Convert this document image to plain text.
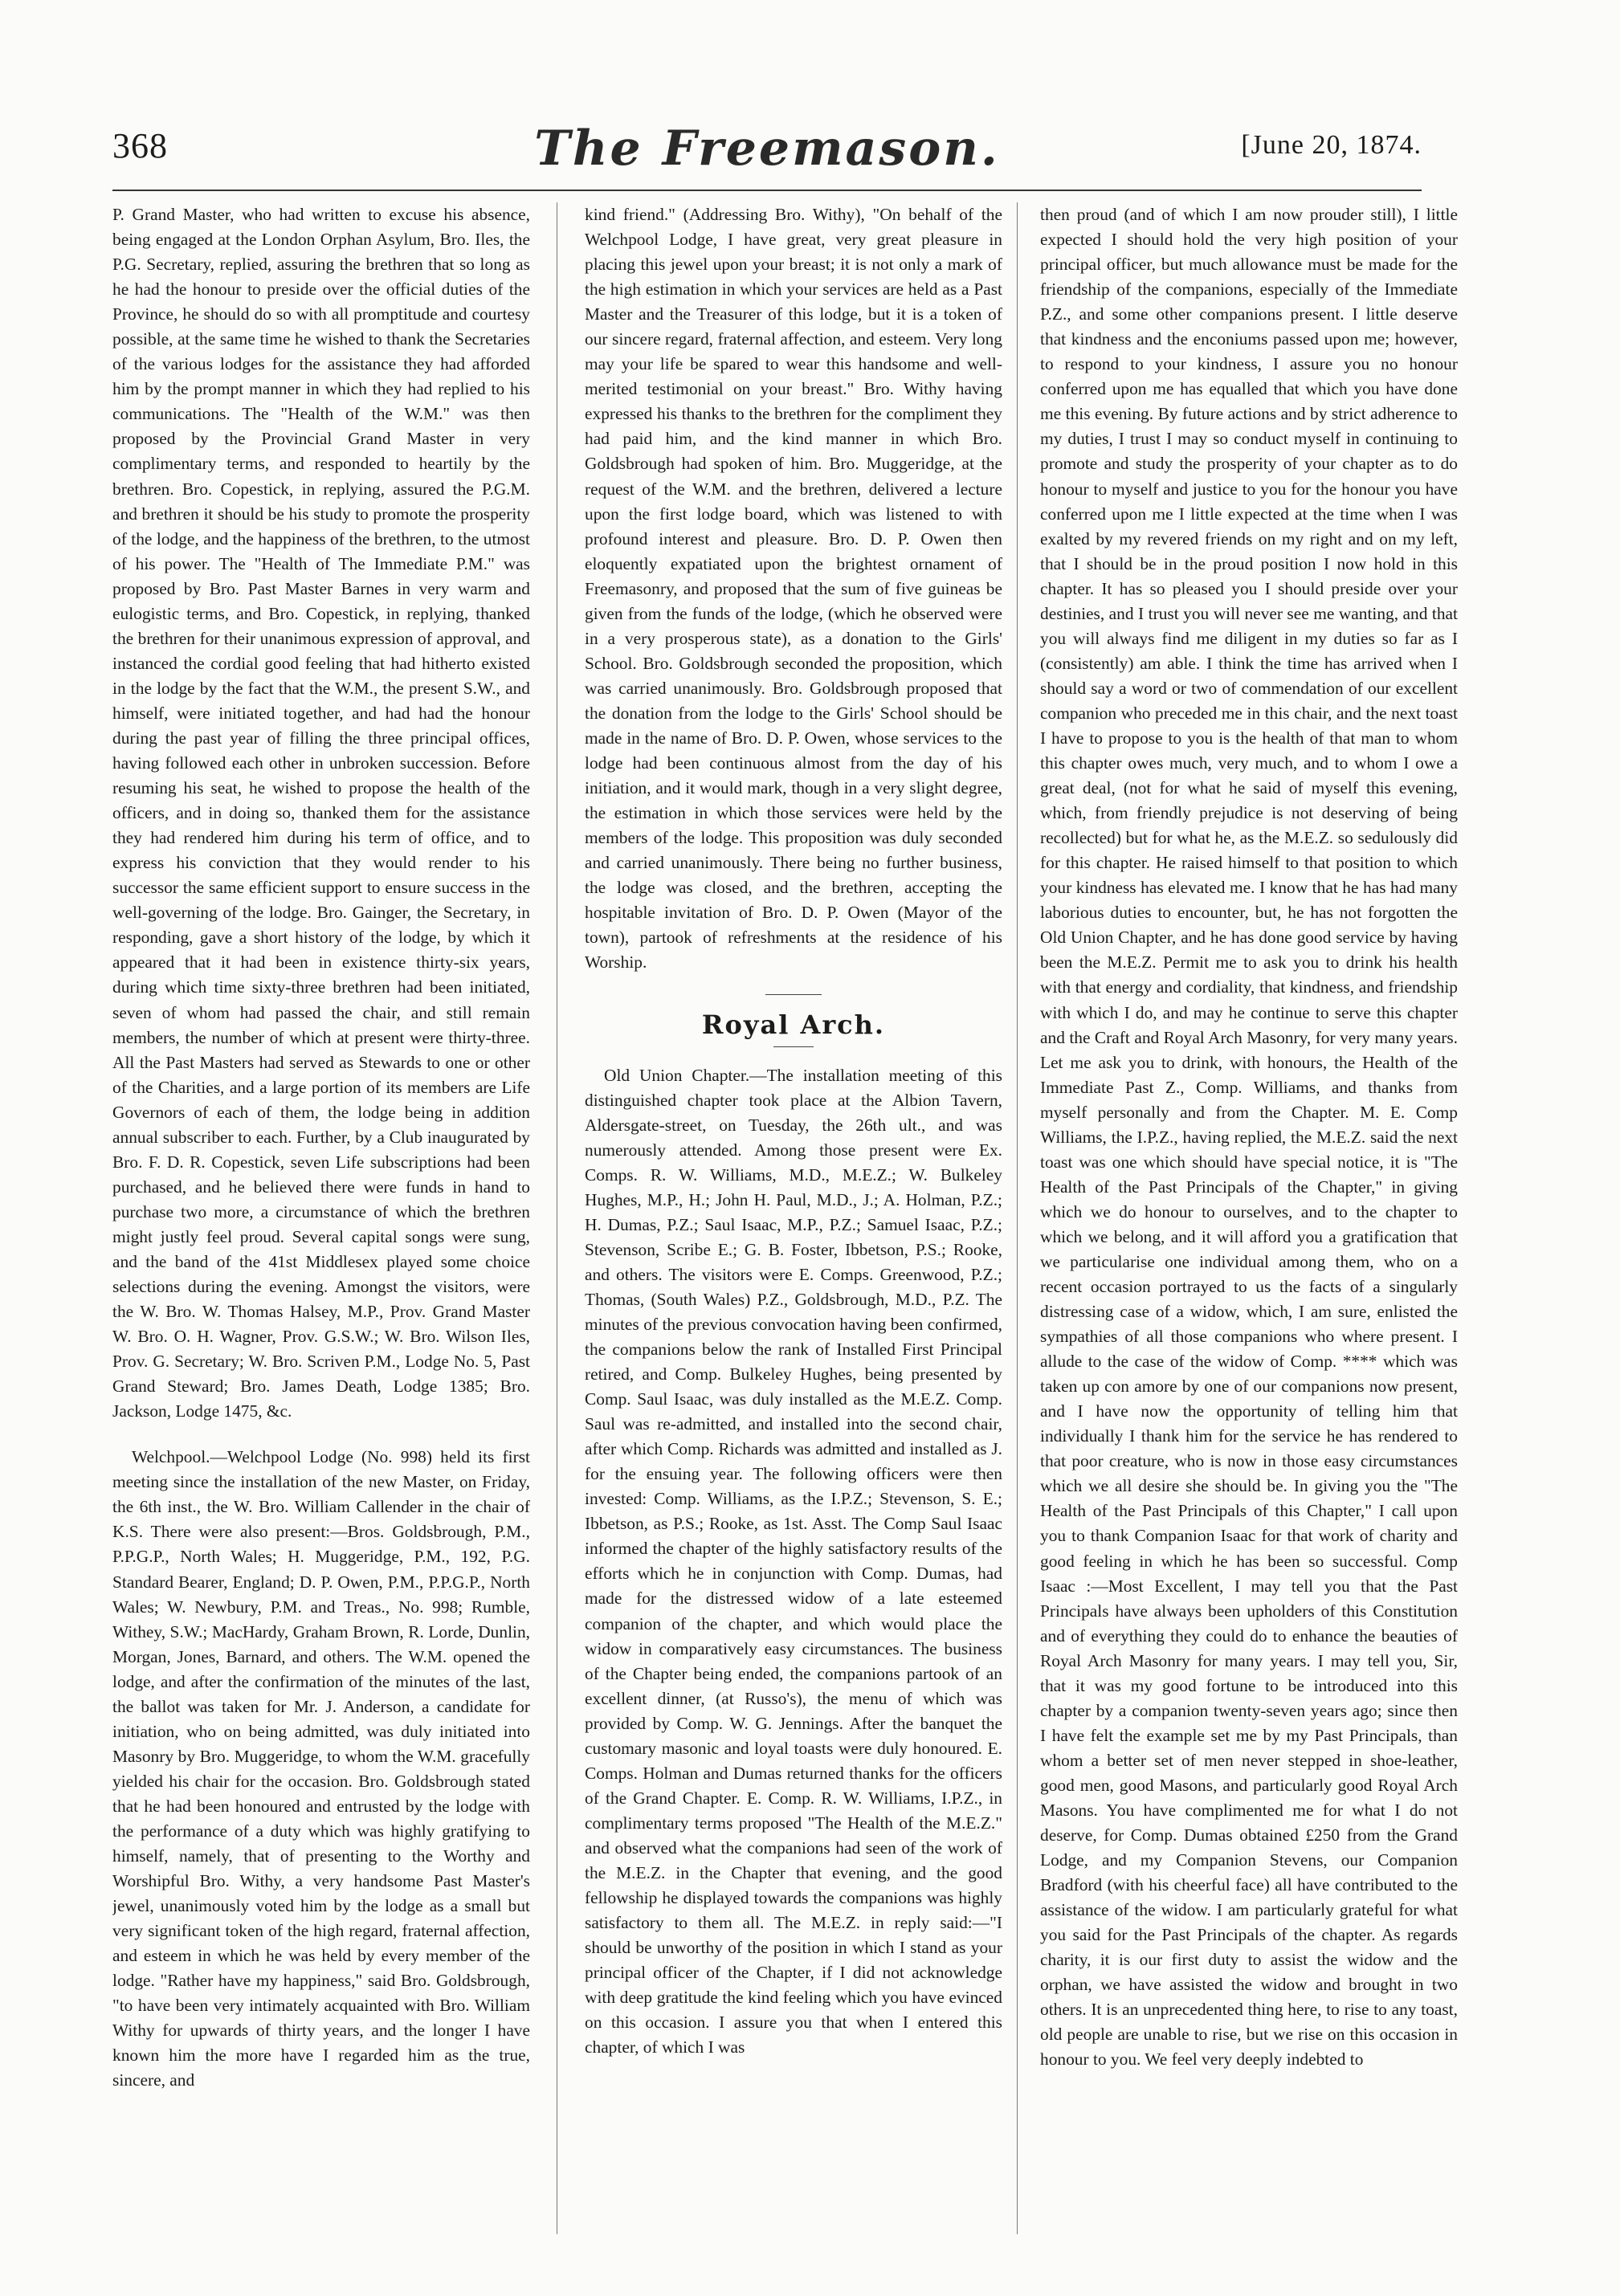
368	The Freemason.	[June 20, 1874.

P. Grand Master, who had written to excuse his absence, being engaged at the London Orphan Asylum, Bro. Iles, the P.G. Secretary, replied, assuring the brethren that so long as he had the honour to preside over the official duties of the Province, he should do so with all promptitude and courtesy possible, at the same time he wished to thank the Secretaries of the various lodges for the assistance they had afforded him by the prompt manner in which they had replied to his communications. The "Health of the W.M." was then proposed by the Provincial Grand Master in very complimentary terms, and responded to heartily by the brethren. Bro. Copestick, in replying, assured the P.G.M. and brethren it should be his study to promote the prosperity of the lodge, and the happiness of the brethren, to the utmost of his power. The "Health of The Immediate P.M." was proposed by Bro. Past Master Barnes in very warm and eulogistic terms, and Bro. Copestick, in replying, thanked the brethren for their unanimous expression of approval, and instanced the cordial good feeling that had hitherto existed in the lodge by the fact that the W.M., the present S.W., and himself, were initiated together, and had had the honour during the past year of filling the three principal offices, having followed each other in unbroken succession. Before resuming his seat, he wished to propose the health of the officers, and in doing so, thanked them for the assistance they had rendered him during his term of office, and to express his conviction that they would render to his successor the same efficient support to ensure success in the well-governing of the lodge. Bro. Gainger, the Secretary, in responding, gave a short history of the lodge, by which it appeared that it had been in existence thirty-six years, during which time sixty-three brethren had been initiated, seven of whom had passed the chair, and still remain members, the number of which at present were thirty-three. All the Past Masters had served as Stewards to one or other of the Charities, and a large portion of its members are Life Governors of each of them, the lodge being in addition annual subscriber to each. Further, by a Club inaugurated by Bro. F. D. R. Copestick, seven Life subscriptions had been purchased, and he believed there were funds in hand to purchase two more, a circumstance of which the brethren might justly feel proud. Several capital songs were sung, and the band of the 41st Middlesex played some choice selections during the evening. Amongst the visitors, were the W. Bro. W. Thomas Halsey, M.P., Prov. Grand Master W. Bro. O. H. Wagner, Prov. G.S.W.; W. Bro. Wilson Iles, Prov. G. Secretary; W. Bro. Scriven P.M., Lodge No. 5, Past Grand Steward; Bro. James Death, Lodge 1385; Bro. Jackson, Lodge 1475, &c.

Welchpool.—Welchpool Lodge (No. 998) held its first meeting since the installation of the new Master, on Friday, the 6th inst., the W. Bro. William Callender in the chair of K.S. There were also present:—Bros. Goldsbrough, P.M., P.P.G.P., North Wales; H. Muggeridge, P.M., 192, P.G. Standard Bearer, England; D. P. Owen, P.M., P.P.G.P., North Wales; W. Newbury, P.M. and Treas., No. 998; Rumble, Withey, S.W.; MacHardy, Graham Brown, R. Lorde, Dunlin, Morgan, Jones, Barnard, and others. The W.M. opened the lodge, and after the confirmation of the minutes of the last, the ballot was taken for Mr. J. Anderson, a candidate for initiation, who on being admitted, was duly initiated into Masonry by Bro. Muggeridge, to whom the W.M. gracefully yielded his chair for the occasion. Bro. Goldsbrough stated that he had been honoured and entrusted by the lodge with the performance of a duty which was highly gratifying to himself, namely, that of presenting to the Worthy and Worshipful Bro. Withy, a very handsome Past Master's jewel, unanimously voted him by the lodge as a small but very significant token of the high regard, fraternal affection, and esteem in which he was held by every member of the lodge. "Rather have my happiness," said Bro. Goldsbrough, "to have been very intimately acquainted with Bro. William Withy for upwards of thirty years, and the longer I have known him the more have I regarded him as the true, sincere, and

kind friend." (Addressing Bro. Withy), "On behalf of the Welchpool Lodge, I have great, very great pleasure in placing this jewel upon your breast; it is not only a mark of the high estimation in which your services are held as a Past Master and the Treasurer of this lodge, but it is a token of our sincere regard, fraternal affection, and esteem. Very long may your life be spared to wear this handsome and well-merited testimonial on your breast." Bro. Withy having expressed his thanks to the brethren for the compliment they had paid him, and the kind manner in which Bro. Goldsbrough had spoken of him. Bro. Muggeridge, at the request of the W.M. and the brethren, delivered a lecture upon the first lodge board, which was listened to with profound interest and pleasure. Bro. D. P. Owen then eloquently expatiated upon the brightest ornament of Freemasonry, and proposed that the sum of five guineas be given from the funds of the lodge, (which he observed were in a very prosperous state), as a donation to the Girls' School. Bro. Goldsbrough seconded the proposition, which was carried unanimously. Bro. Goldsbrough proposed that the donation from the lodge to the Girls' School should be made in the name of Bro. D. P. Owen, whose services to the lodge had been continuous almost from the day of his initiation, and it would mark, though in a very slight degree, the estimation in which those services were held by the members of the lodge. This proposition was duly seconded and carried unanimously. There being no further business, the lodge was closed, and the brethren, accepting the hospitable invitation of Bro. D. P. Owen (Mayor of the town), partook of refreshments at the residence of his Worship.

Royal Arch.

Old Union Chapter.—The installation meeting of this distinguished chapter took place at the Albion Tavern, Aldersgate-street, on Tuesday, the 26th ult., and was numerously attended. Among those present were Ex. Comps. R. W. Williams, M.D., M.E.Z.; W. Bulkeley Hughes, M.P., H.; John H. Paul, M.D., J.; A. Holman, P.Z.; H. Dumas, P.Z.; Saul Isaac, M.P., P.Z.; Samuel Isaac, P.Z.; Stevenson, Scribe E.; G. B. Foster, Ibbetson, P.S.; Rooke, and others. The visitors were E. Comps. Greenwood, P.Z.; Thomas, (South Wales) P.Z., Goldsbrough, M.D., P.Z. The minutes of the previous convocation having been confirmed, the companions below the rank of Installed First Principal retired, and Comp. Bulkeley Hughes, being presented by Comp. Saul Isaac, was duly installed as the M.E.Z. Comp. Saul was re-admitted, and installed into the second chair, after which Comp. Richards was admitted and installed as J. for the ensuing year. The following officers were then invested: Comp. Williams, as the I.P.Z.; Stevenson, S. E.; Ibbetson, as P.S.; Rooke, as 1st. Asst. The Comp Saul Isaac informed the chapter of the highly satisfactory results of the efforts which he in conjunction with Comp. Dumas, had made for the distressed widow of a late esteemed companion of the chapter, and which would place the widow in comparatively easy circumstances. The business of the Chapter being ended, the companions partook of an excellent dinner, (at Russo's), the menu of which was provided by Comp. W. G. Jennings. After the banquet the customary masonic and loyal toasts were duly honoured. E. Comps. Holman and Dumas returned thanks for the officers of the Grand Chapter. E. Comp. R. W. Williams, I.P.Z., in complimentary terms proposed "The Health of the M.E.Z." and observed what the companions had seen of the work of the M.E.Z. in the Chapter that evening, and the good fellowship he displayed towards the companions was highly satisfactory to them all. The M.E.Z. in reply said:—"I should be unworthy of the position in which I stand as your principal officer of the Chapter, if I did not acknowledge with deep gratitude the kind feeling which you have evinced on this occasion. I assure you that when I entered this chapter, of which I was

then proud (and of which I am now prouder still), I little expected I should hold the very high position of your principal officer, but much allowance must be made for the friendship of the companions, especially of the Immediate P.Z., and some other companions present. I little deserve that kindness and the enconiums passed upon me; however, to respond to your kindness, I assure you no honour conferred upon me has equalled that which you have done me this evening. By future actions and by strict adherence to my duties, I trust I may so conduct myself in continuing to promote and study the prosperity of your chapter as to do honour to myself and justice to you for the honour you have conferred upon me I little expected at the time when I was exalted by my revered friends on my right and on my left, that I should be in the proud position I now hold in this chapter. It has so pleased you I should preside over your destinies, and I trust you will never see me wanting, and that you will always find me diligent in my duties so far as I (consistently) am able. I think the time has arrived when I should say a word or two of commendation of our excellent companion who preceded me in this chair, and the next toast I have to propose to you is the health of that man to whom this chapter owes much, very much, and to whom I owe a great deal, (not for what he said of myself this evening, which, from friendly prejudice is not deserving of being recollected) but for what he, as the M.E.Z. so sedulously did for this chapter. He raised himself to that position to which your kindness has elevated me. I know that he has had many laborious duties to encounter, but, he has not forgotten the Old Union Chapter, and he has done good service by having been the M.E.Z. Permit me to ask you to drink his health with that energy and cordiality, that kindness, and friendship with which I do, and may he continue to serve this chapter and the Craft and Royal Arch Masonry, for very many years. Let me ask you to drink, with honours, the Health of the Immediate Past Z., Comp. Williams, and thanks from myself personally and from the Chapter. M. E. Comp Williams, the I.P.Z., having replied, the M.E.Z. said the next toast was one which should have special notice, it is "The Health of the Past Principals of the Chapter," in giving which we do honour to ourselves, and to the chapter to which we belong, and it will afford you a gratification that we particularise one individual among them, who on a recent occasion portrayed to us the facts of a singularly distressing case of a widow, which, I am sure, enlisted the sympathies of all those companions who where present. I allude to the case of the widow of Comp. **** which was taken up con amore by one of our companions now present, and I have now the opportunity of telling him that individually I thank him for the service he has rendered to that poor creature, who is now in those easy circumstances which we all desire she should be. In giving you the "The Health of the Past Principals of this Chapter," I call upon you to thank Companion Isaac for that work of charity and good feeling in which he has been so successful. Comp Isaac :—Most Excellent, I may tell you that the Past Principals have always been upholders of this Constitution and of everything they could do to enhance the beauties of Royal Arch Masonry for many years. I may tell you, Sir, that it was my good fortune to be introduced into this chapter by a companion twenty-seven years ago; since then I have felt the example set me by my Past Principals, than whom a better set of men never stepped in shoe-leather, good men, good Masons, and particularly good Royal Arch Masons. You have complimented me for what I do not deserve, for Comp. Dumas obtained £250 from the Grand Lodge, and my Companion Stevens, our Companion Bradford (with his cheerful face) all have contributed to the assistance of the widow. I am particularly grateful for what you said for the Past Principals of the chapter. As regards charity, it is our first duty to assist the widow and the orphan, we have assisted the widow and brought in two others. It is an unprecedented thing here, to rise to any toast, old people are unable to rise, but we rise on this occasion in honour to you. We feel very deeply indebted to
